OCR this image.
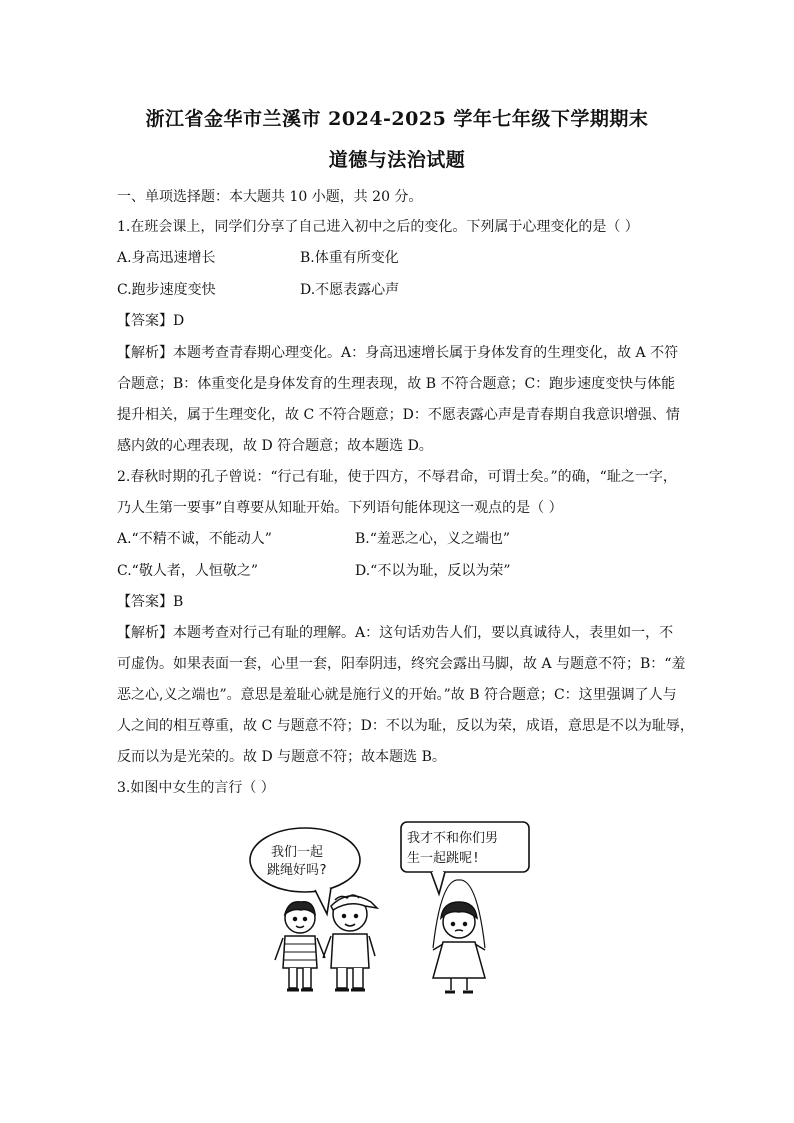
浙江省金华市兰溪市 2024-2025 学年七年级下学期期末
道德与法治试题
一、单项选择题：本大题共 10 小题，共 20 分。
1.在班会课上，同学们分享了自己进入初中之后的变化。下列属于心理变化的是（ ）
A.身高迅速增长	B.体重有所变化
C.跑步速度变快	D.不愿表露心声
【答案】D
【解析】本题考查青春期心理变化。A：身高迅速增长属于身体发育的生理变化，故 A 不符
合题意；B：体重变化是身体发育的生理表现，故 B 不符合题意；C：跑步速度变快与体能
提升相关，属于生理变化，故 C 不符合题意；D：不愿表露心声是青春期自我意识增强、情
感内敛的心理表现，故 D 符合题意；故本题选 D。
2.春秋时期的孔子曾说：“行己有耻，使于四方，不辱君命，可谓士矣。”的确，“耻之一字，
乃人生第一要事”自尊要从知耻开始。下列语句能体现这一观点的是（ ）
A.“不精不诚，不能动人”	B.“羞恶之心，义之端也”
C.“敬人者，人恒敬之”	D.“不以为耻，反以为荣”
【答案】B
【解析】本题考查对行己有耻的理解。A：这句话劝告人们，要以真诚待人，表里如一，不
可虚伪。如果表面一套，心里一套，阳奉阴违，终究会露出马脚，故 A 与题意不符；B：“羞
恶之心,义之端也”。意思是羞耻心就是施行义的开始。”故 B 符合题意；C：这里强调了人与
人之间的相互尊重，故 C 与题意不符；D：不以为耻，反以为荣，成语，意思是不以为耻辱，
反而以为是光荣的。故 D 与题意不符；故本题选 B。
3.如图中女生的言行（ ）
我们一起
跳绳好吗?
我才不和你们男
生一起跳呢!
